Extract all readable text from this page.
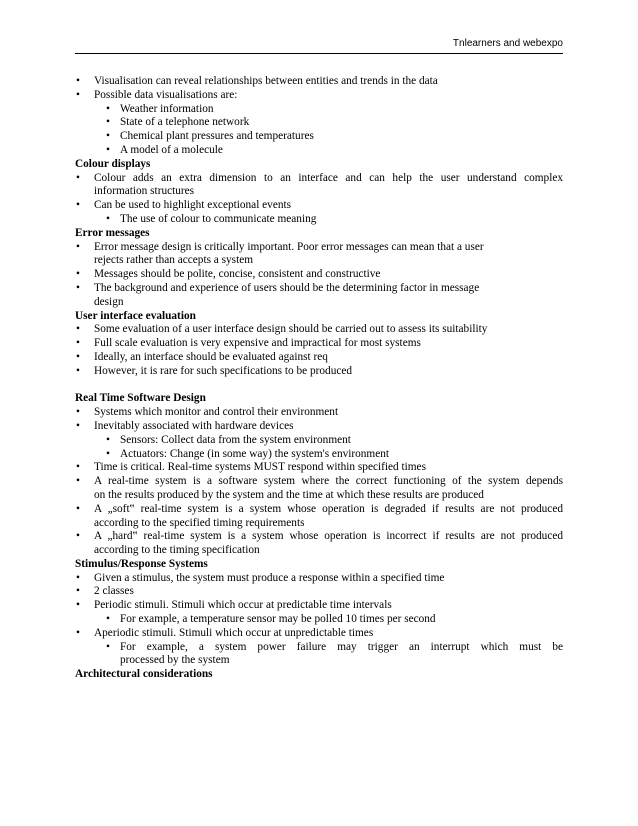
Tnlearners and webexpo
• Visualisation can reveal relationships between entities and trends in the data
• Possible data visualisations are:
• Weather information
• State of a telephone network
• Chemical plant pressures and temperatures
• A model of a molecule
Colour displays
• Colour adds an extra dimension to an interface and can help the user understand complex
information structures
• Can be used to highlight exceptional events
• The use of colour to communicate meaning
Error messages
• Error message design is critically important. Poor error messages can mean that a user
rejects rather than accepts a system
• Messages should be polite, concise, consistent and constructive
• The background and experience of users should be the determining factor in message
design
User interface evaluation
• Some evaluation of a user interface design should be carried out to assess its suitability
• Full scale evaluation is very expensive and impractical for most systems
• Ideally, an interface should be evaluated against req
• However, it is rare for such specifications to be produced
Real Time Software Design
• Systems which monitor and control their environment
• Inevitably associated with hardware devices
• Sensors: Collect data from the system environment
• Actuators: Change (in some way) the system's environment
• Time is critical. Real-time systems MUST respond within specified times
• A real-time system is a software system where the correct functioning of the system depends
on the results produced by the system and the time at which these results are produced
• A „soft‟ real-time system is a system whose operation is degraded if results are not produced
according to the specified timing requirements
• A „hard‟ real-time system is a system whose operation is incorrect if results are not produced
according to the timing specification
Stimulus/Response Systems
• Given a stimulus, the system must produce a response within a specified time
• 2 classes
• Periodic stimuli. Stimuli which occur at predictable time intervals
• For example, a temperature sensor may be polled 10 times per second
• Aperiodic stimuli. Stimuli which occur at unpredictable times
• For example, a system power failure may trigger an interrupt which must be
processed by the system
Architectural considerations
